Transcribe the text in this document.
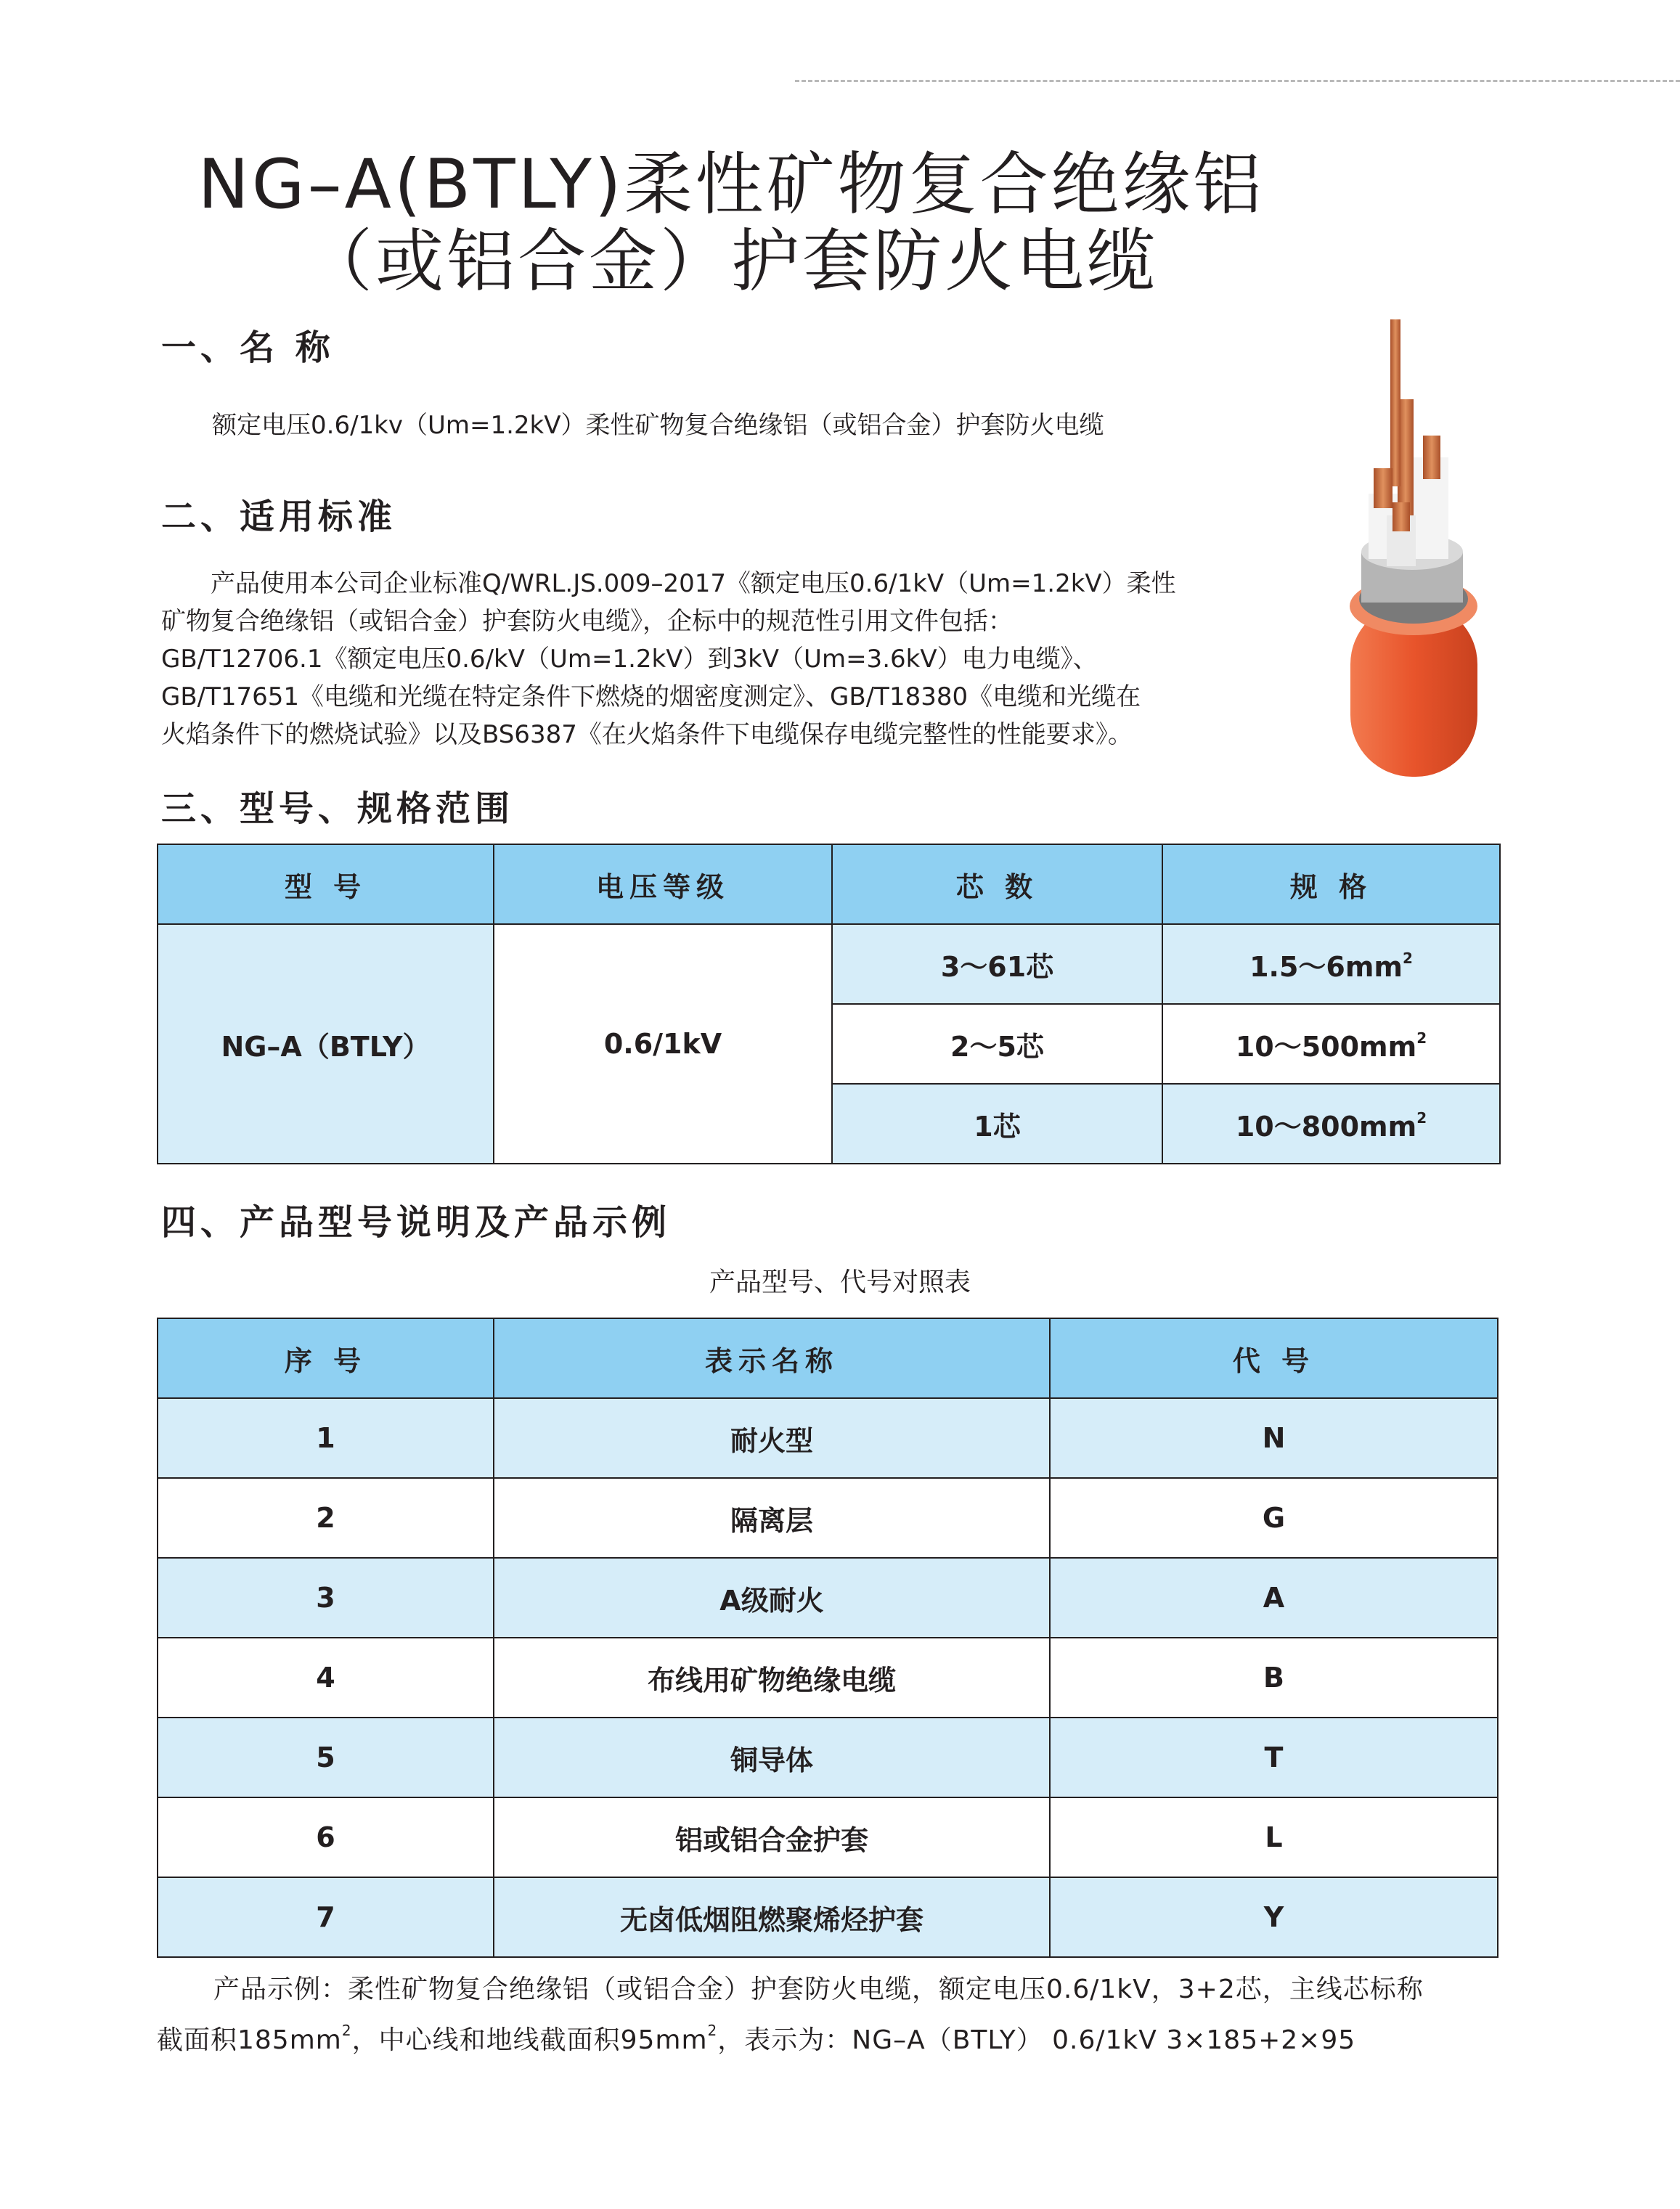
NG–A(BTLY)柔性矿物复合绝缘铝
（或铝合金）护套防火电缆
一、名 称
额定电压0.6/1kv（Um=1.2kV）柔性矿物复合绝缘铝（或铝合金）护套防火电缆
二、适用标准
　　产品使用本公司企业标准Q/WRL.JS.009–2017《额定电压0.6/1kV（Um=1.2kV）柔性
矿物复合绝缘铝（或铝合金）护套防火电缆》，企标中的规范性引用文件包括：
GB/T12706.1《额定电压0.6/kV（Um=1.2kV）到3kV（Um=3.6kV）电力电缆》、
GB/T17651《电缆和光缆在特定条件下燃烧的烟密度测定》、GB/T18380《电缆和光缆在
火焰条件下的燃烧试验》以及BS6387《在火焰条件下电缆保存电缆完整性的性能要求》。
三、型号、规格范围
型 号	电压等级	芯 数	规 格
NG–A（BTLY）	0.6/1kV	3～61芯	$1.5\sim 6mm^2$
		2～5芯	$10\sim 500mm^2$
		1芯	$10\sim 800mm^2$
四、产品型号说明及产品示例
产品型号、代号对照表
序 号	表示名称	代 号
1	耐火型	N
2	隔离层	G
3	A级耐火	A
4	布线用矿物绝缘电缆	B
5	铜导体	T
6	铝或铝合金护套	L
7	无卤低烟阻燃聚烯烃护套	Y
产品示例：柔性矿物复合绝缘铝（或铝合金）护套防火电缆，额定电压0.6/1kV，3+2芯，主线芯标称
截面积$185mm^2$，中心线和地线截面积$95mm^2$，表示为：NG–A（BTLY） 0.6/1kV 3×185+2×95
